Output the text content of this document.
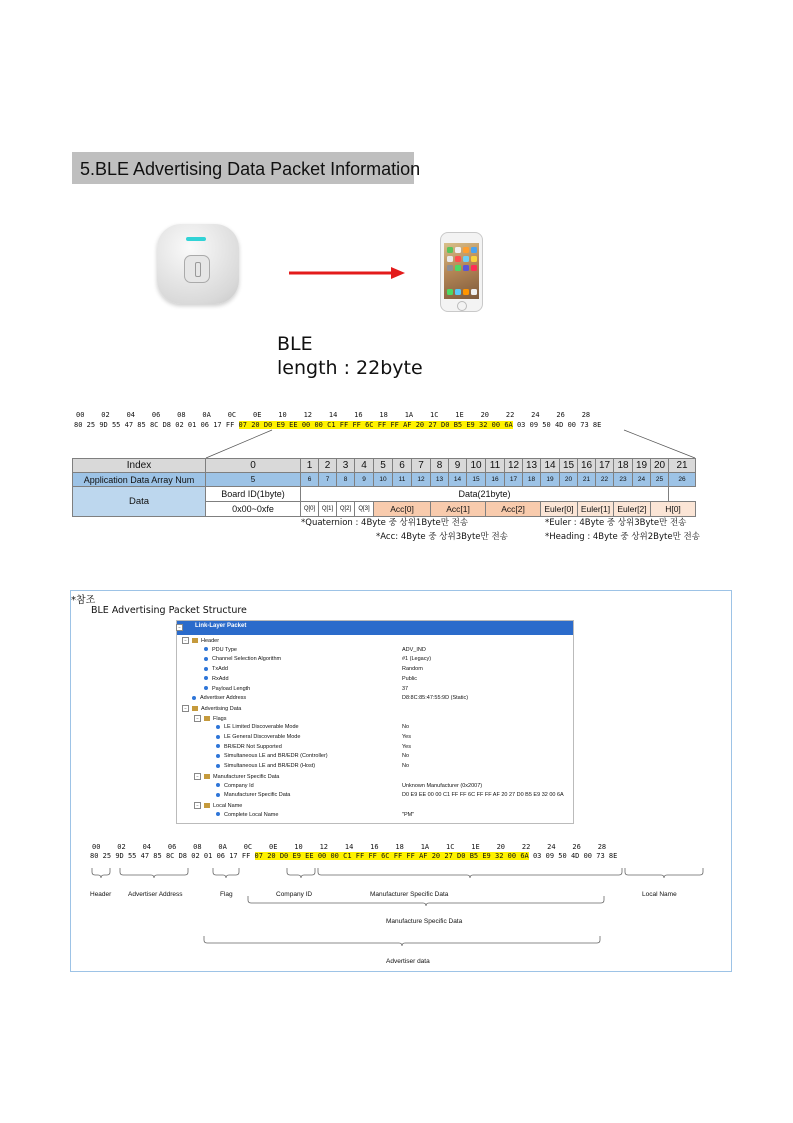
5.BLE Advertising Data Packet Information
BLE
length : 22byte
00    02    04    06    08    0A    0C    0E    10    12    14    16    18    1A    1C    1E    20    22    24    26    28
80 25 9D 55 47 85 8C D8 02 01 06 17 FF 07 20 D0 E9 EE 00 00 C1 FF FF 6C FF FF AF 20 27 D0 B5 E9 32 00 6A 03 09 50 4D 00 73 8E
Index	0	1	2	3	4	5	6	7	8	9	10	11	12	13	14	15	16	17	18	19	20	21
Application Data Array Num	5	6	7	8	9	10	11	12	13	14	15	16	17	18	19	20	21	22	23	24	25	26
Data	Board ID(1byte)	Data(21byte)																				
	0x00~0xfe	Q[0]	Q[1]	Q[2]	Q[3]	Acc[0]			Acc[1]			Acc[2]			Euler[0]		Euler[1]		Euler[2]		H[0]	
*Quaternion : 4Byte 중 상위1Byte만 전송	*Euler : 4Byte 중 상위3Byte만 전송
*Acc: 4Byte 중 상위3Byte만 전송	*Heading : 4Byte 중 상위2Byte만 전송
*참조
BLE Advertising Packet Structure
Link-Layer Packet
−
−	Header
PDU Type	ADV_IND
Channel Selection Algorithm	#1 (Legacy)
TxAdd	Random
RxAdd	Public
Payload Length	37
Advertiser Address	D8:8C:85:47:55:9D (Static)
−	Advertising Data
−	Flags
LE Limited Discoverable Mode	No
LE General Discoverable Mode	Yes
BR/EDR Not Supported	Yes
Simultaneous LE and BR/EDR (Controller)	No
Simultaneous LE and BR/EDR (Host)	No
−	Manufacturer Specific Data
Company Id	Unknown Manufacturer (0x2007)
Manufacturer Specific Data	D0 E9 EE 00 00 C1 FF FF 6C FF FF AF 20 27 D0 B5 E9 32 00 6A
−	Local Name
Complete Local Name	"PM"
00    02    04    06    08    0A    0C    0E    10    12    14    16    18    1A    1C    1E    20    22    24    26    28
80 25 9D 55 47 85 8C D8 02 01 06 17 FF 07 20 D0 E9 EE 00 00 C1 FF FF 6C FF FF AF 20 27 D0 B5 E9 32 00 6A 03 09 50 4D 00 73 8E
Header	Advertiser Address	Flag	Company ID	Manufacturer Specific Data	Local Name
Manufacture Specific Data
Advertiser data
